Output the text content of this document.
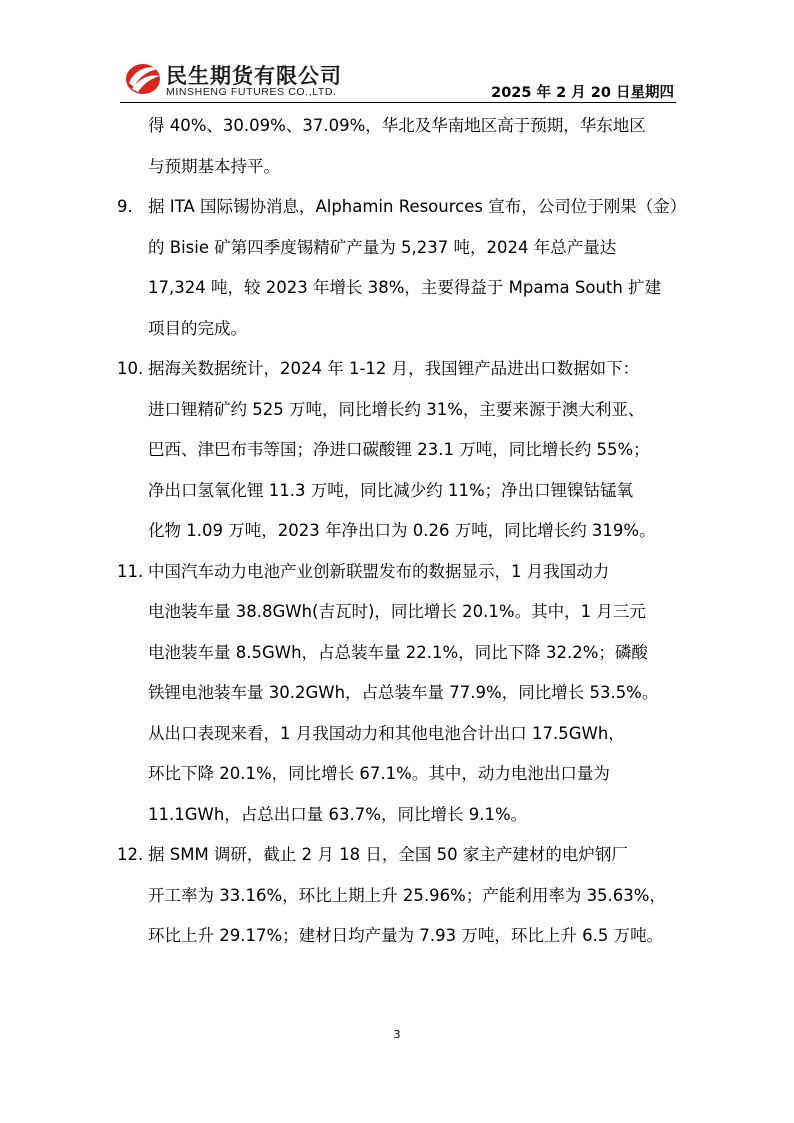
民生期货有限公司
MINSHENG FUTURES CO.,LTD.	2025 年 2 月 20 日星期四
得 40%、30.09%、37.09%，华北及华南地区高于预期，华东地区
与预期基本持平。
9. 据 ITA 国际锡协消息，Alphamin Resources 宣布，公司位于刚果（金）
的 Bisie 矿第四季度锡精矿产量为 5,237 吨，2024 年总产量达
17,324 吨，较 2023 年增长 38%，主要得益于 Mpama South 扩建
项目的完成。
10. 据海关数据统计，2024 年 1-12 月，我国锂产品进出口数据如下：
进口锂精矿约 525 万吨，同比增长约 31%，主要来源于澳大利亚、
巴西、津巴布韦等国；净进口碳酸锂 23.1 万吨，同比增长约 55%；
净出口氢氧化锂 11.3 万吨，同比减少约 11%；净出口锂镍钴锰氧
化物 1.09 万吨，2023 年净出口为 0.26 万吨，同比增长约 319%。
11. 中国汽车动力电池产业创新联盟发布的数据显示，1 月我国动力
电池装车量 38.8GWh(吉瓦时)，同比增长 20.1%。其中，1 月三元
电池装车量 8.5GWh，占总装车量 22.1%，同比下降 32.2%；磷酸
铁锂电池装车量 30.2GWh，占总装车量 77.9%，同比增长 53.5%。
从出口表现来看，1 月我国动力和其他电池合计出口 17.5GWh，
环比下降 20.1%，同比增长 67.1%。其中，动力电池出口量为
11.1GWh，占总出口量 63.7%，同比增长 9.1%。
12. 据 SMM 调研，截止 2 月 18 日，全国 50 家主产建材的电炉钢厂
开工率为 33.16%，环比上期上升 25.96%；产能利用率为 35.63%，
环比上升 29.17%；建材日均产量为 7.93 万吨，环比上升 6.5 万吨。
3
